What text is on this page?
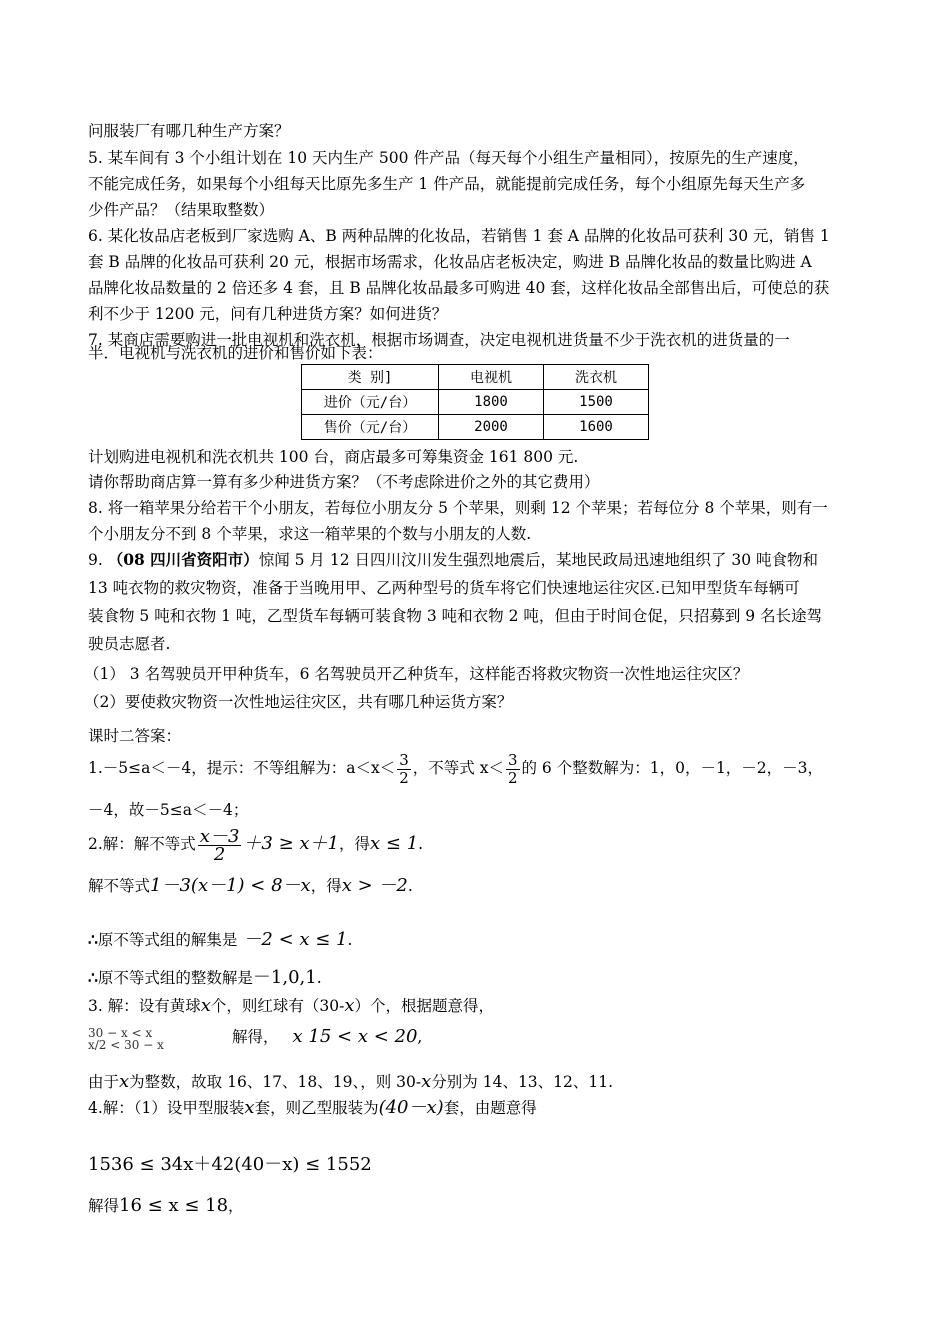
问服装厂有哪几种生产方案？
5. 某车间有 3 个小组计划在 10 天内生产 500 件产品（每天每个小组生产量相同），按原先的生产速度，
不能完成任务，如果每个小组每天比原先多生产 1 件产品，就能提前完成任务，每个小组原先每天生产多
少件产品？（结果取整数）
6. 某化妆品店老板到厂家选购 A、B 两种品牌的化妆品，若销售 1 套 A 品牌的化妆品可获利 30 元，销售 1
套 B 品牌的化妆品可获利 20 元，根据市场需求，化妆品店老板决定，购进 B 品牌化妆品的数量比购进 A
品牌化妆品数量的 2 倍还多 4 套，且 B 品牌化妆品最多可购进 40 套，这样化妆品全部售出后，可使总的获
利不少于 1200 元，问有几种进货方案？如何进货？
7. 某商店需要购进一批电视机和洗衣机，根据市场调查，决定电视机进货量不少于洗衣机的进货量的一
半．电视机与洗衣机的进价和售价如下表：
类 别]	电视机	洗衣机
进价（元/台）	1800	1500
售价（元/台）	2000	1600
计划购进电视机和洗衣机共 100 台，商店最多可筹集资金 161 800 元.
请你帮助商店算一算有多少种进货方案？（不考虑除进价之外的其它费用）
8. 将一箱苹果分给若干个小朋友，若每位小朋友分 5 个苹果，则剩 12 个苹果；若每位分 8 个苹果，则有一
个小朋友分不到 8 个苹果，求这一箱苹果的个数与小朋友的人数.
9. （08 四川省资阳市）惊闻 5 月 12 日四川汶川发生强烈地震后，某地民政局迅速地组织了 30 吨食物和
13 吨衣物的救灾物资，准备于当晚用甲、乙两种型号的货车将它们快速地运往灾区.已知甲型货车每辆可
装食物 5 吨和衣物 1 吨，乙型货车每辆可装食物 3 吨和衣物 2 吨，但由于时间仓促，只招募到 9 名长途驾
驶员志愿者.
（1） 3 名驾驶员开甲种货车，6 名驾驶员开乙种货车，这样能否将救灾物资一次性地运往灾区？
（2）要使救灾物资一次性地运往灾区，共有哪几种运货方案？
课时二答案：
1.－5≤a＜－4，提示：不等组解为：$a<x< \frac{3}{2}$ ，不等式 $x< \frac{3}{2}$ 的 6 个整数解为：1，0，－1，－2，－3，
－4，故－5≤a＜－4；
2.解：解不等式 $\frac{x-3}{2} +3 \ge x+1$，得x ≤ 1.
解不等式1－3(x－1) < 8－x，得x > －2.
∴原不等式组的解集是 －2 < x ≤ 1.
∴原不等式组的整数解是－1,0,1.
3. 解：设有黄球x个，则红球有（30-x）个，根据题意得，
30 − x < x
x/2 < 30 − x	解得， x 15 < x < 20,
由于x为整数，故取 16、17、18、19、，则 30-x分别为 14、13、12、11.
4.解：（1）设甲型服装x套，则乙型服装为(40－x)套，由题意得
1536 ≤ 34x＋42(40－x) ≤ 1552
解得16 ≤ x ≤ 18，
